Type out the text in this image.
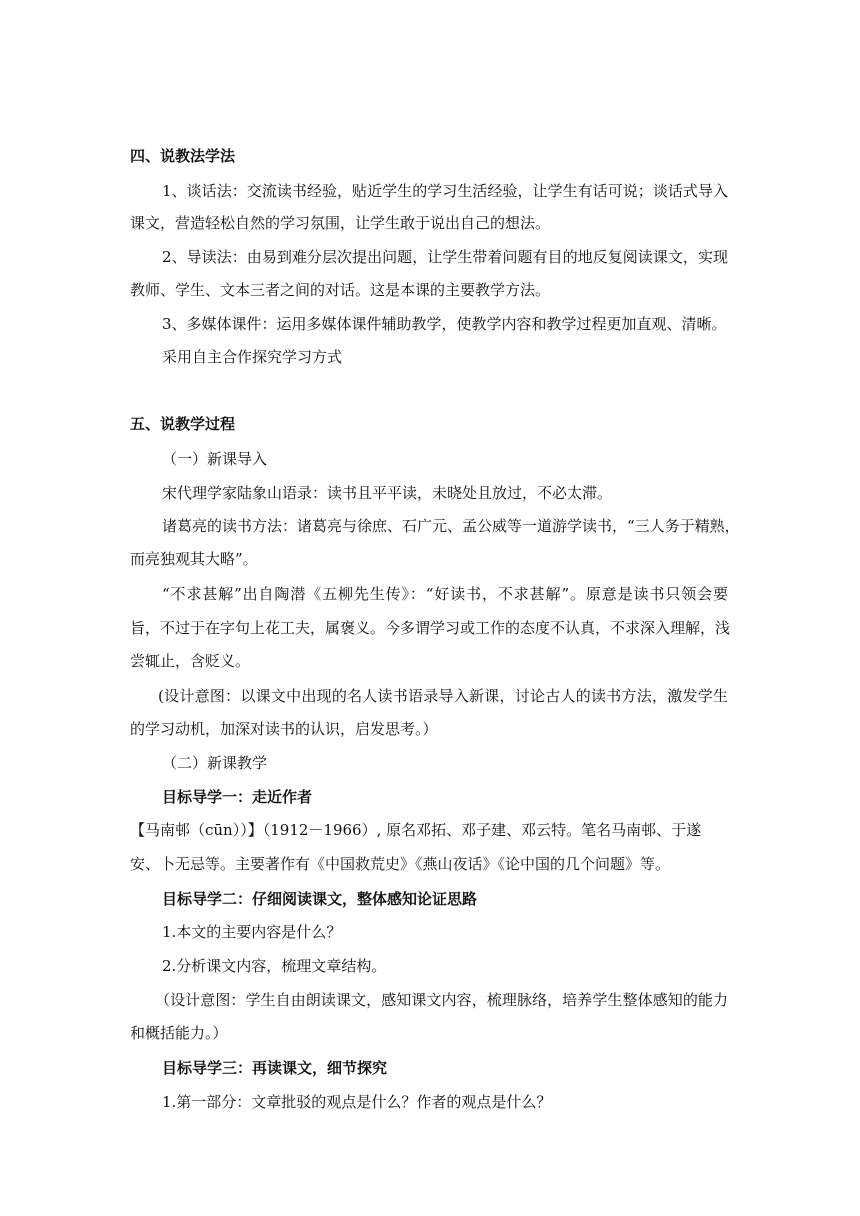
四、说教法学法
1、谈话法：交流读书经验，贴近学生的学习生活经验，让学生有话可说；谈话式导入
课文，营造轻松自然的学习氛围，让学生敢于说出自己的想法。
2、导读法：由易到难分层次提出问题，让学生带着问题有目的地反复阅读课文，实现
教师、学生、文本三者之间的对话。这是本课的主要教学方法。
3、多媒体课件：运用多媒体课件辅助教学，使教学内容和教学过程更加直观、清晰。
采用自主合作探究学习方式
五、说教学过程
（一）新课导入
宋代理学家陆象山语录：读书且平平读，未晓处且放过，不必太滞。
诸葛亮的读书方法：诸葛亮与徐庶、石广元、孟公威等一道游学读书，“三人务于精熟，
而亮独观其大略”。
“不求甚解”出自陶潜《五柳先生传》：“好读书，不求甚解”。原意是读书只领会要
旨，不过于在字句上花工夫，属褒义。今多谓学习或工作的态度不认真，不求深入理解，浅
尝辄止，含贬义。
(设计意图：以课文中出现的名人读书语录导入新课，讨论古人的读书方法，激发学生
的学习动机，加深对读书的认识，启发思考。）
（二）新课教学
目标导学一：走近作者
【马南邨（cūn））】（1912－1966）, 原名邓拓、邓子建、邓云特。笔名马南邨、于遂
安、卜无忌等。主要著作有《中国救荒史》《燕山夜话》《论中国的几个问题》等。
目标导学二：仔细阅读课文，整体感知论证思路
1.本文的主要内容是什么？
2.分析课文内容，梳理文章结构。
（设计意图：学生自由朗读课文，感知课文内容，梳理脉络，培养学生整体感知的能力
和概括能力。）
目标导学三：再读课文，细节探究
1.第一部分：文章批驳的观点是什么？作者的观点是什么？
